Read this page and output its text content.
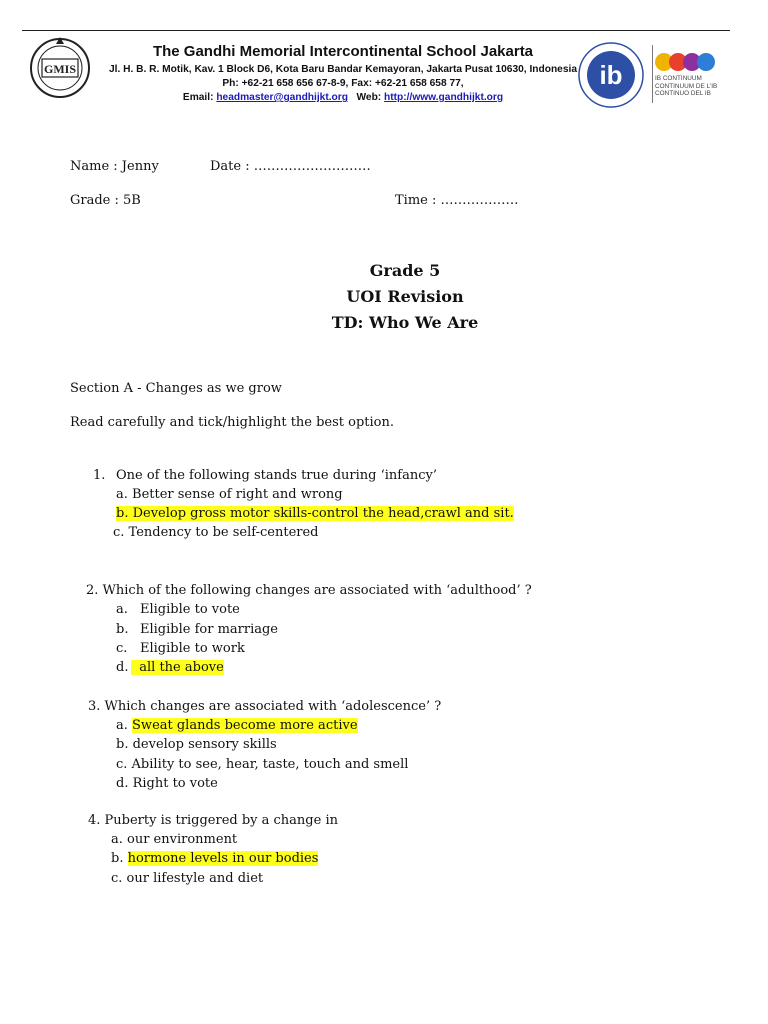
GMIS
The Gandhi Memorial Intercontinental School Jakarta
Jl. H. B. R. Motik, Kav. 1 Block D6, Kota Baru Bandar Kemayoran, Jakarta Pusat 10630, Indonesia
Ph: +62-21 658 656 67-8-9, Fax: +62-21 658 658 77,
Email: headmaster@gandhijkt.org Web: http://www.gandhijkt.org
ib	IB CONTINUUM
CONTINUUM DE L'IB
CONTINUO DEL IB
Name : Jenny	Date : ………………………
Grade : 5B	Time : ………………
Grade 5
UOI Revision
TD: Who We Are
Section A - Changes as we grow
Read carefully and tick/highlight the best option.
1. One of the following stands true during ‘infancy’
a. Better sense of right and wrong
b. Develop gross motor skills-control the head,crawl and sit.
c. Tendency to be self-centered
2. Which of the following changes are associated with ‘adulthood’ ?
a. Eligible to vote
b. Eligible for marriage
c. Eligible to work
d.  all the above
3. Which changes are associated with ‘adolescence’ ?
a. Sweat glands become more active
b. develop sensory skills
c. Ability to see, hear, taste, touch and smell
d. Right to vote
4. Puberty is triggered by a change in
a. our environment
b. hormone levels in our bodies
c. our lifestyle and diet
